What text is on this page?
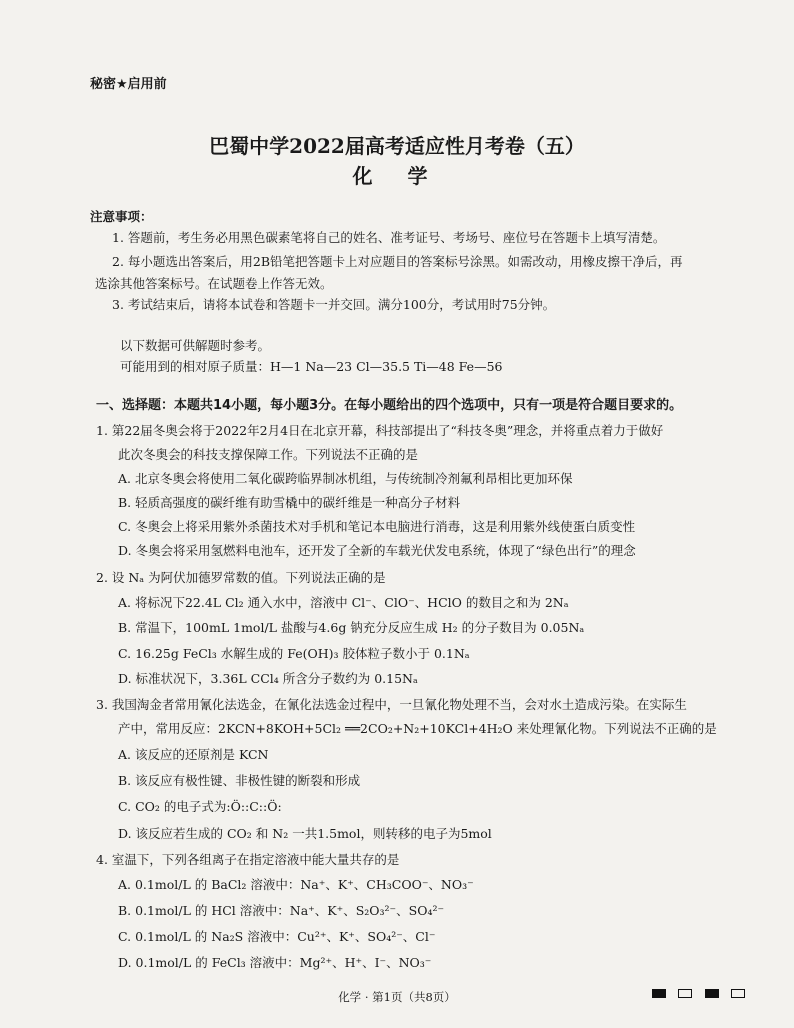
秘密★启用前
巴蜀中学2022届高考适应性月考卷（五）
化 学
注意事项：
1. 答题前，考生务必用黑色碳素笔将自己的姓名、准考证号、考场号、座位号在答题卡上填写清楚。
2. 每小题选出答案后，用2B铅笔把答题卡上对应题目的答案标号涂黑。如需改动，用橡皮擦干净后，再
选涂其他答案标号。在试题卷上作答无效。
3. 考试结束后，请将本试卷和答题卡一并交回。满分100分，考试用时75分钟。
以下数据可供解题时参考。
可能用到的相对原子质量：H—1 Na—23 Cl—35.5 Ti—48 Fe—56
一、选择题：本题共14小题，每小题3分。在每小题给出的四个选项中，只有一项是符合题目要求的。
1. 第22届冬奥会将于2022年2月4日在北京开幕，科技部提出了“科技冬奥”理念，并将重点着力于做好
此次冬奥会的科技支撑保障工作。下列说法不正确的是
A. 北京冬奥会将使用二氧化碳跨临界制冰机组，与传统制冷剂氟利昂相比更加环保
B. 轻质高强度的碳纤维有助雪橇中的碳纤维是一种高分子材料
C. 冬奥会上将采用紫外杀菌技术对手机和笔记本电脑进行消毒，这是利用紫外线使蛋白质变性
D. 冬奥会将采用氢燃料电池车，还开发了全新的车载光伏发电系统，体现了“绿色出行”的理念
2. 设 Nₐ 为阿伏加德罗常数的值。下列说法正确的是
A. 将标况下22.4L Cl₂ 通入水中，溶液中 Cl⁻、ClO⁻、HClO 的数目之和为 2Nₐ
B. 常温下，100mL 1mol/L 盐酸与4.6g 钠充分反应生成 H₂ 的分子数目为 0.05Nₐ
C. 16.25g FeCl₃ 水解生成的 Fe(OH)₃ 胶体粒子数小于 0.1Nₐ
D. 标准状况下，3.36L CCl₄ 所含分子数约为 0.15Nₐ
3. 我国淘金者常用氰化法选金，在氰化法选金过程中，一旦氰化物处理不当，会对水土造成污染。在实际生
产中，常用反应：2KCN+8KOH+5Cl₂ ══2CO₂+N₂+10KCl+4H₂O 来处理氰化物。下列说法不正确的是
A. 该反应的还原剂是 KCN
B. 该反应有极性键、非极性键的断裂和形成
C. CO₂ 的电子式为:Ö::C::Ö:
D. 该反应若生成的 CO₂ 和 N₂ 一共1.5mol，则转移的电子为5mol
4. 室温下，下列各组离子在指定溶液中能大量共存的是
A. 0.1mol/L 的 BaCl₂ 溶液中：Na⁺、K⁺、CH₃COO⁻、NO₃⁻
B. 0.1mol/L 的 HCl 溶液中：Na⁺、K⁺、S₂O₃²⁻、SO₄²⁻
C. 0.1mol/L 的 Na₂S 溶液中：Cu²⁺、K⁺、SO₄²⁻、Cl⁻
D. 0.1mol/L 的 FeCl₃ 溶液中：Mg²⁺、H⁺、I⁻、NO₃⁻
化学 · 第1页（共8页）
